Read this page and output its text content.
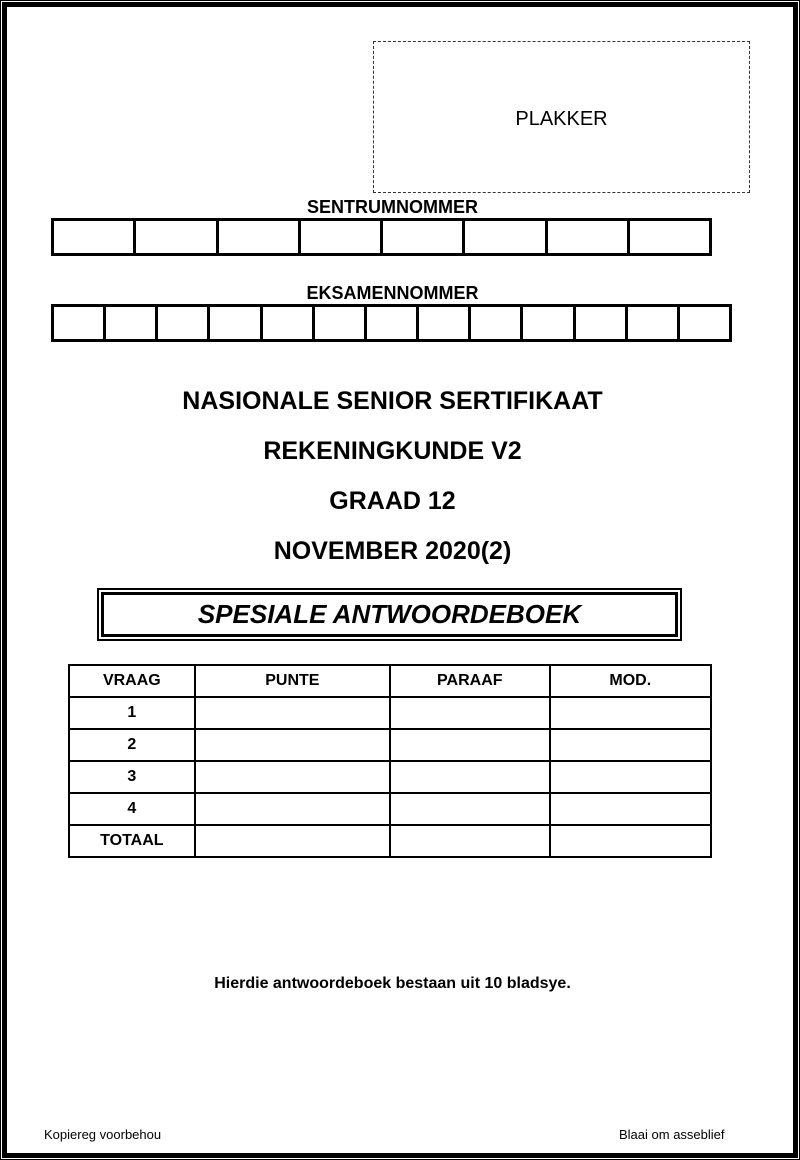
PLAKKER
SENTRUMNOMMER
EKSAMENNOMMER
NASIONALE SENIOR SERTIFIKAAT
REKENINGKUNDE V2
GRAAD 12
NOVEMBER 2020(2)
SPESIALE ANTWOORDEBOEK
VRAAG	PUNTE	PARAAF	MOD.
1			
2			
3			
4			
TOTAAL			
Hierdie antwoordeboek bestaan uit 10 bladsye.
Kopiereg voorbehou	Blaai om asseblief
